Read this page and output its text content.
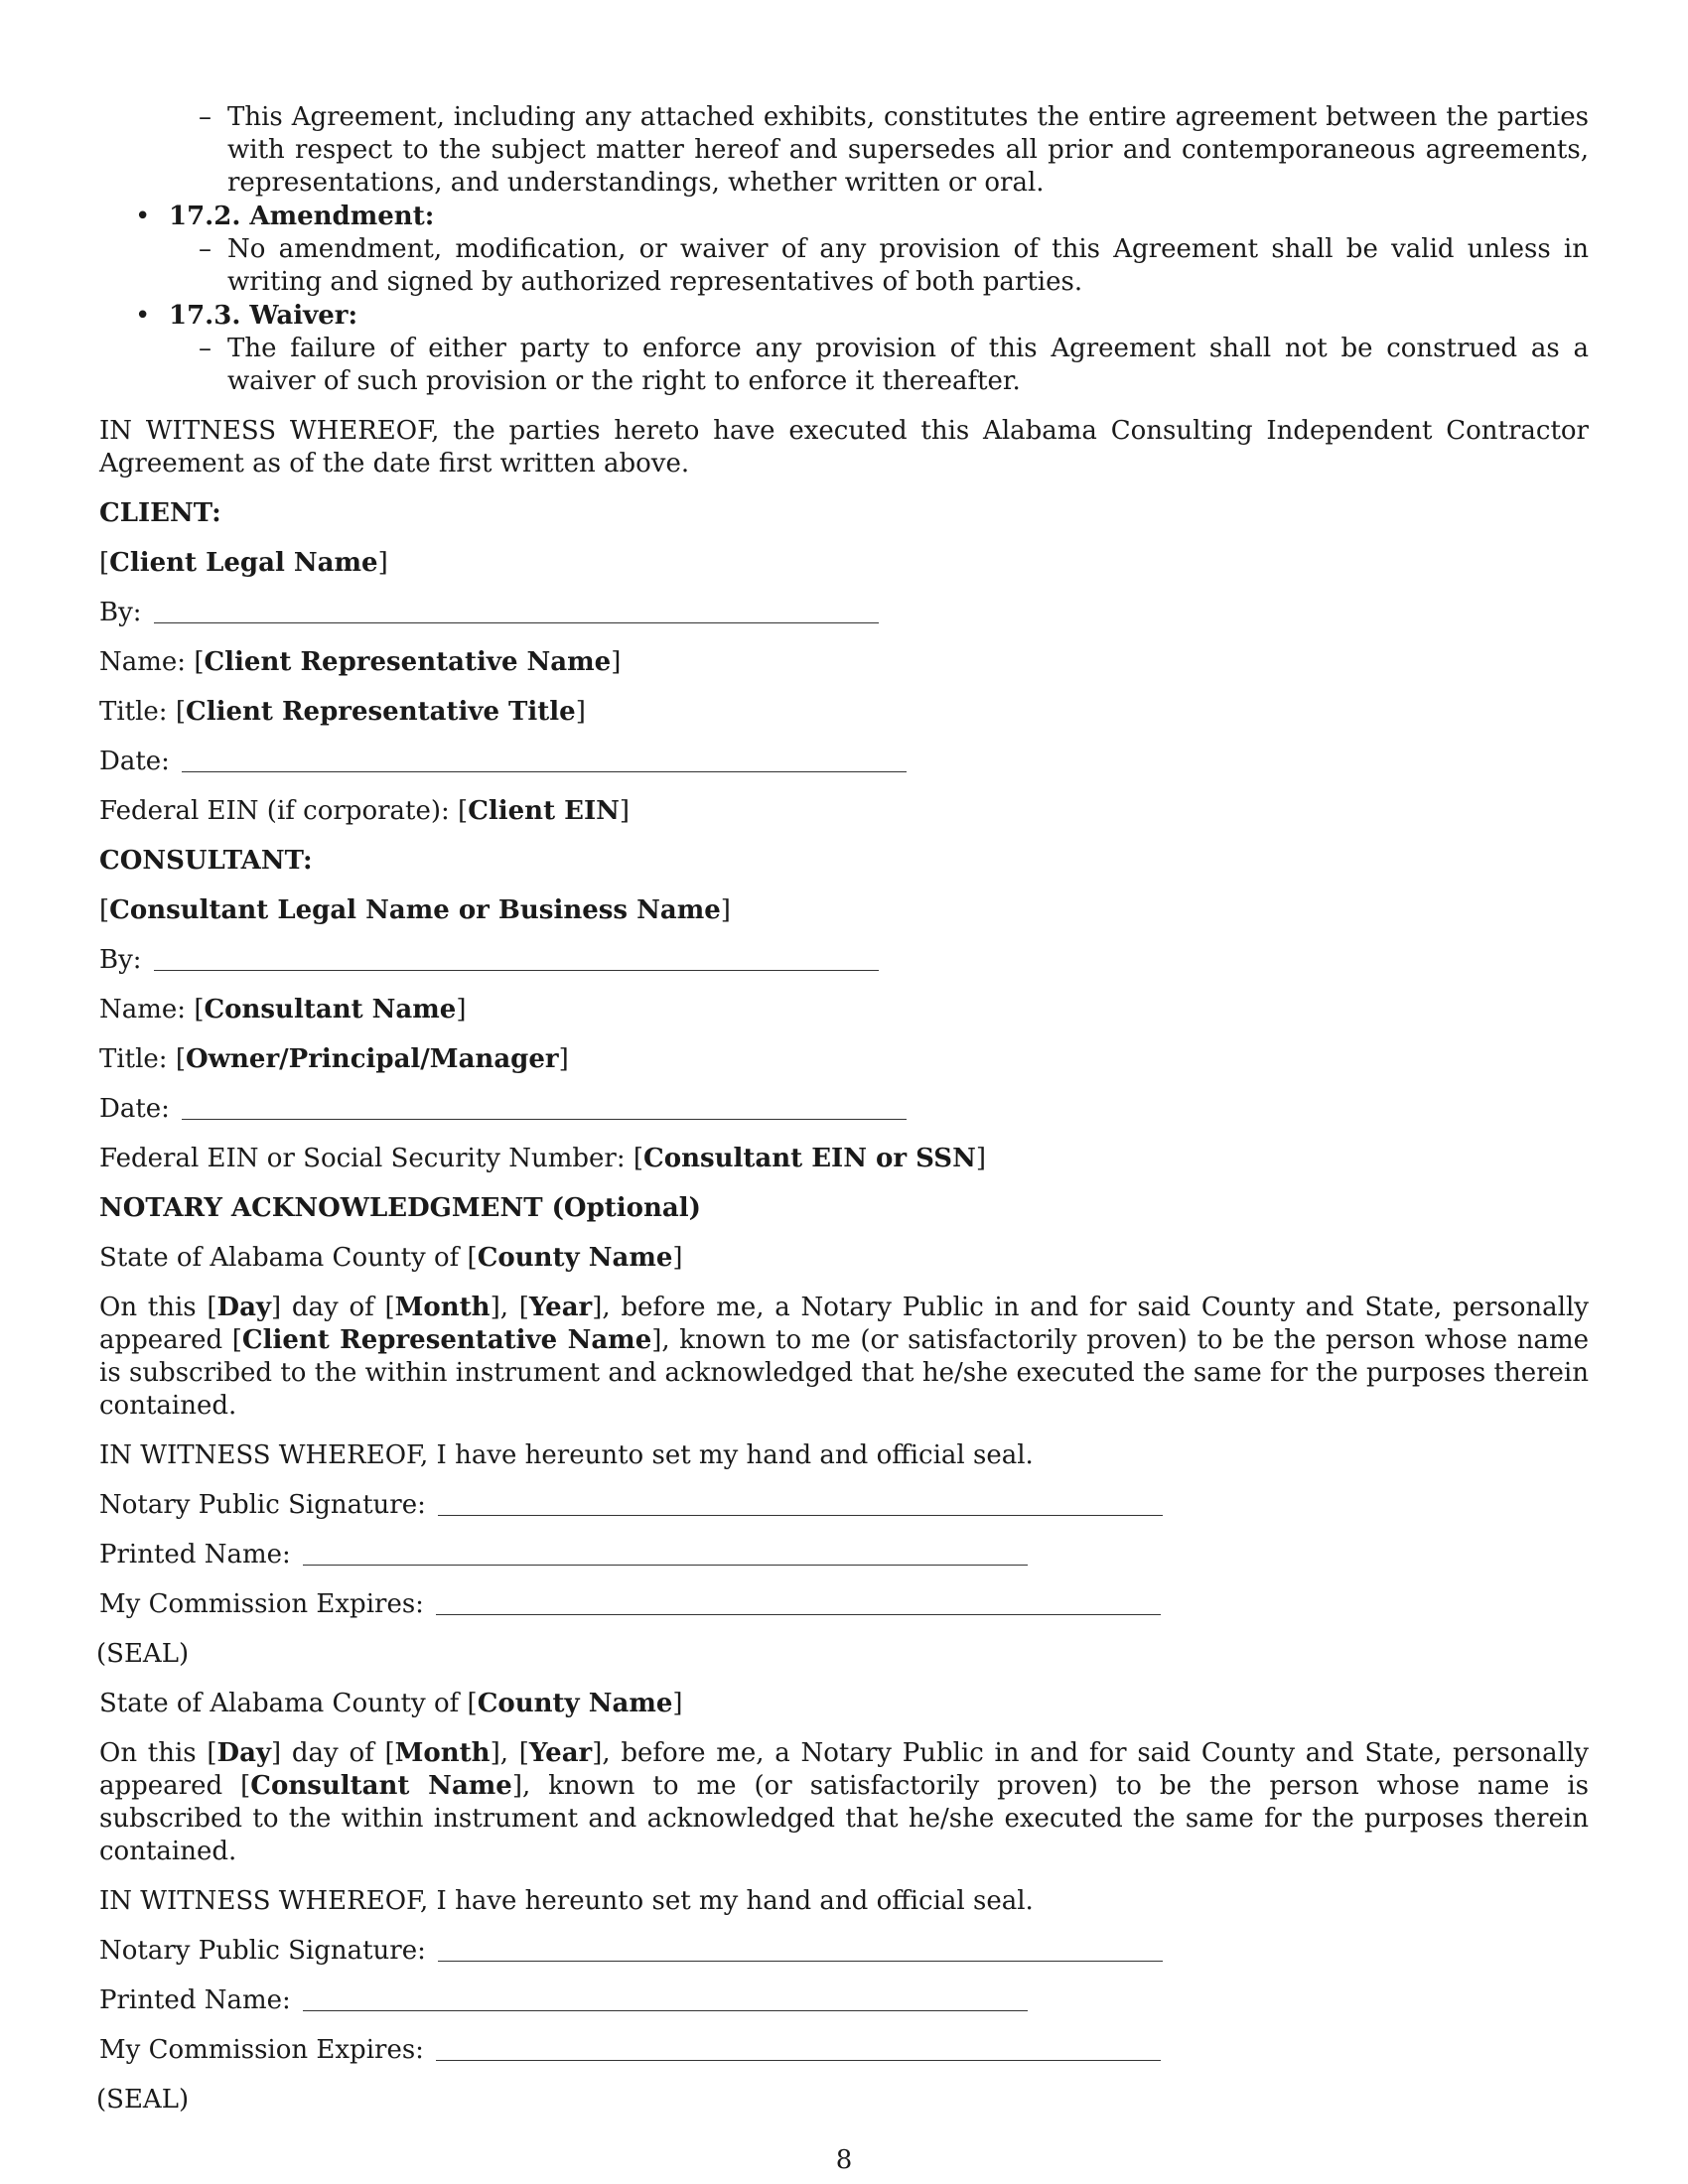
– This Agreement, including any attached exhibits, constitutes the entire agreement between the parties with respect to the subject matter hereof and supersedes all prior and contemporaneous agreements, representations, and understandings, whether written or oral.

• 17.2. Amendment:

– No amendment, modification, or waiver of any provision of this Agreement shall be valid unless in writing and signed by authorized representatives of both parties.

• 17.3. Waiver:

– The failure of either party to enforce any provision of this Agreement shall not be construed as a waiver of such provision or the right to enforce it thereafter.

IN WITNESS WHEREOF, the parties hereto have executed this Alabama Consulting Independent Contractor Agreement as of the date first written above.

CLIENT:

[Client Legal Name]

By:

Name: [Client Representative Name]

Title: [Client Representative Title]

Date:

Federal EIN (if corporate): [Client EIN]

CONSULTANT:

[Consultant Legal Name or Business Name]

By:

Name: [Consultant Name]

Title: [Owner/Principal/Manager]

Date:

Federal EIN or Social Security Number: [Consultant EIN or SSN]

NOTARY ACKNOWLEDGMENT (Optional)

State of Alabama County of [County Name]

On this [Day] day of [Month], [Year], before me, a Notary Public in and for said County and State, personally appeared [Client Representative Name], known to me (or satisfactorily proven) to be the person whose name is subscribed to the within instrument and acknowledged that he/she executed the same for the purposes therein contained.

IN WITNESS WHEREOF, I have hereunto set my hand and official seal.

Notary Public Signature:

Printed Name:

My Commission Expires:

(SEAL)

State of Alabama County of [County Name]

On this [Day] day of [Month], [Year], before me, a Notary Public in and for said County and State, personally appeared [Consultant Name], known to me (or satisfactorily proven) to be the person whose name is subscribed to the within instrument and acknowledged that he/she executed the same for the purposes therein contained.

IN WITNESS WHEREOF, I have hereunto set my hand and official seal.

Notary Public Signature:

Printed Name:

My Commission Expires:

(SEAL)

8
